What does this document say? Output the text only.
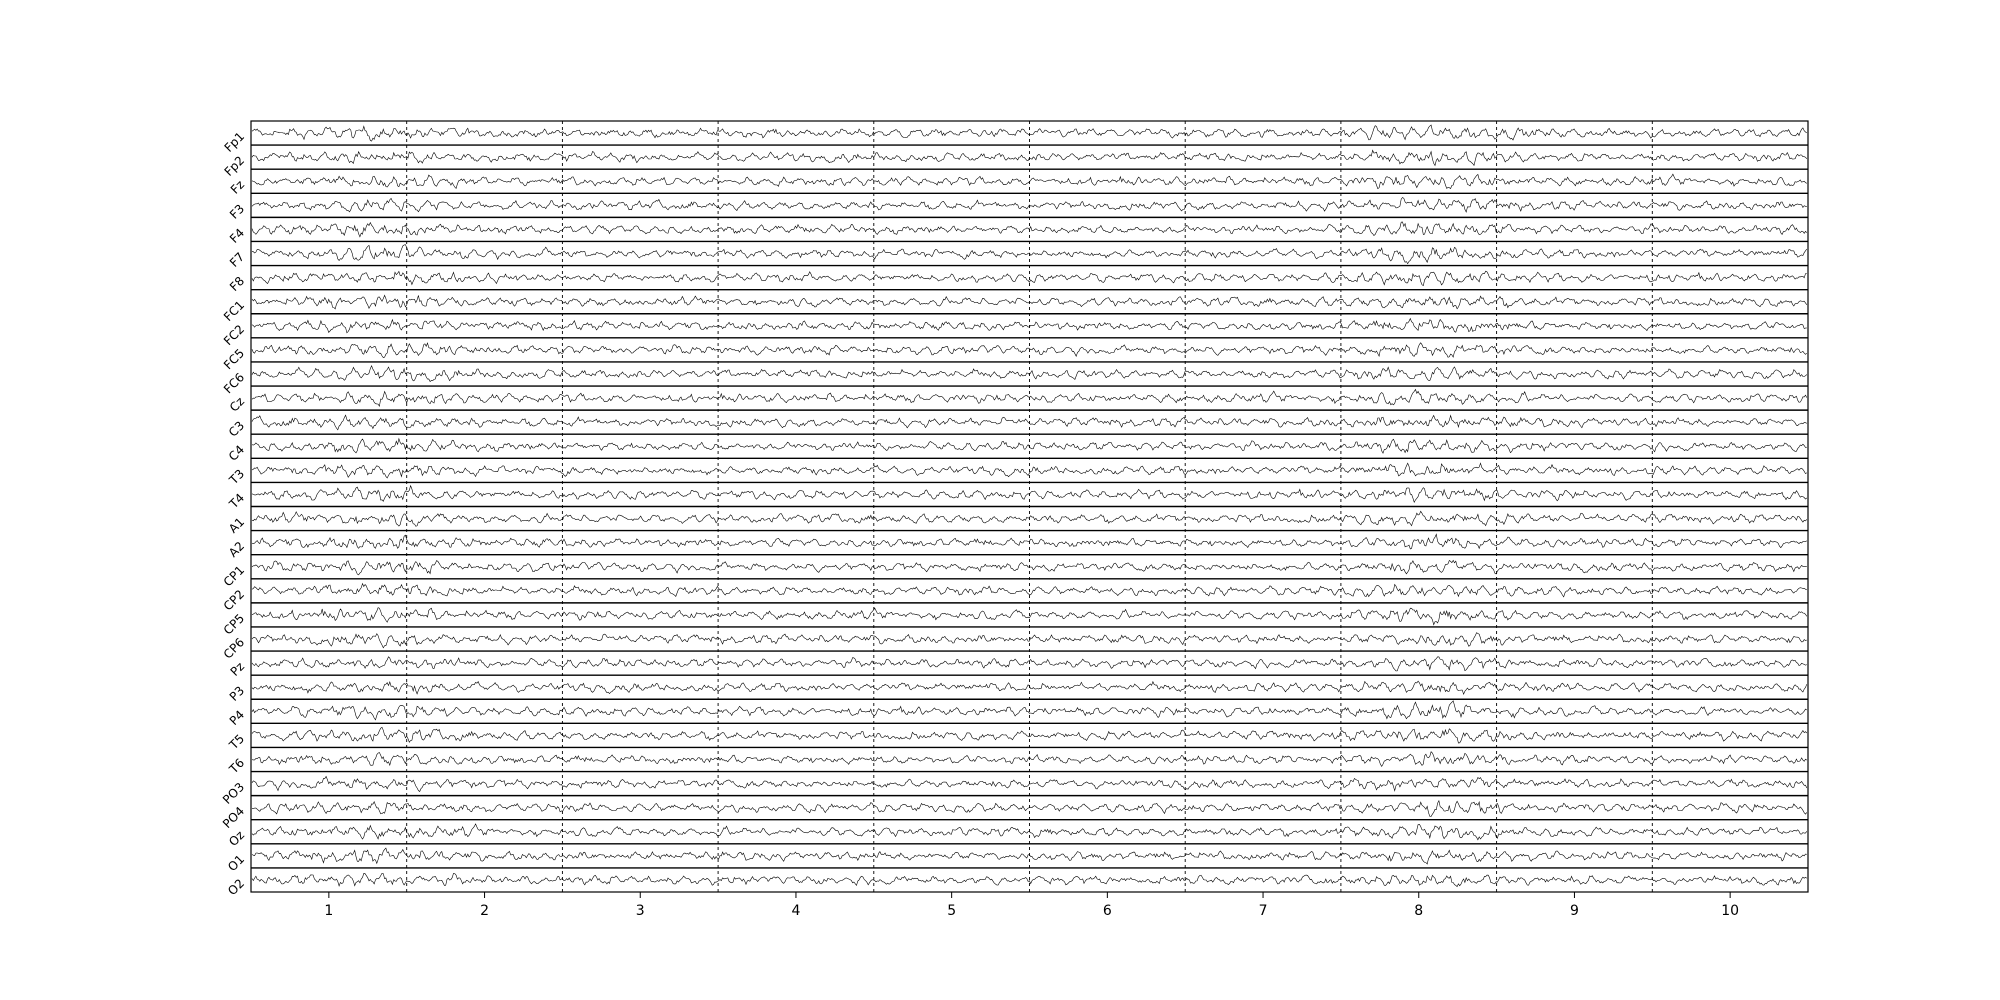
Fp1
Fp2
Fz
F3
F4
F7
F8
FC1
FC2
FC5
FC6
Cz
C3
C4
T3
T4
A1
A2
CP1
CP2
CP5
CP6
Pz
P3
P4
T5
T6
PO3
PO4
Oz
O1
O2
1	2	3	4	5	6	7	8	9	10
